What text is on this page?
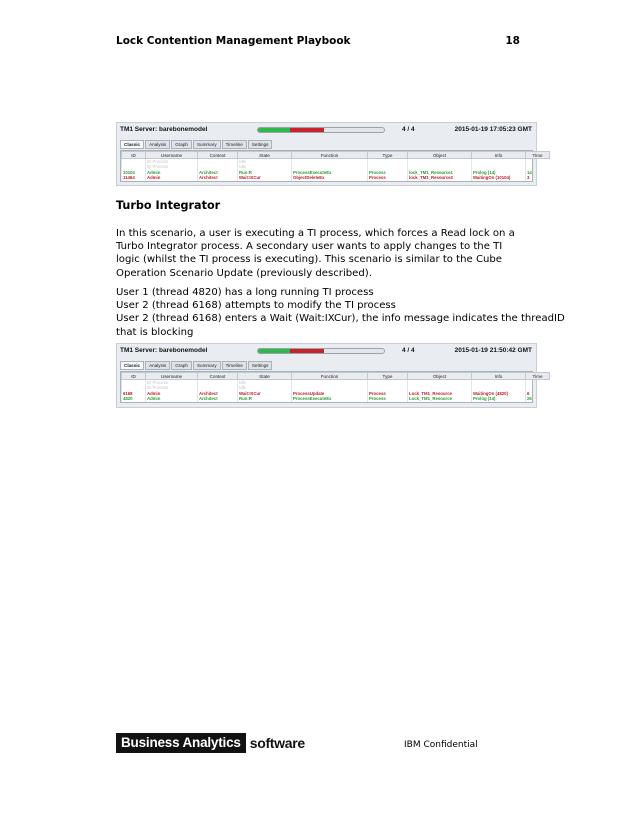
Lock Contention Management Playbook	18
TM1 Server: barebonemodel	4 / 4	2015-01-19 17:05:23 GMT
Classic	Analysis	Graph	Summary	Timeline	Settings
ID	Username	Context	State	Function	Type	Object	Info	Time
	ID Process		Idle					
	ID Process		Idle					
10104	Admin	Architect	Run:R	ProcessExecuteEx	Process	lock_TM1_Resource1	Prolog (14)	14
11464	Admin	Architect	Wait:IXCur	ObjectDeleteEx	Process	lock_TM1_Resource2	WaitingOn (10104)	3
Turbo Integrator
In this scenario, a user is executing a TI process, which forces a Read lock on a Turbo Integrator process. A secondary user wants to apply changes to the TI logic (whilst the TI process is executing). This scenario is similar to the Cube Operation Scenario Update (previously described).
User 1 (thread 4820) has a long running TI process
User 2 (thread 6168) attempts to modify the TI process
User 2 (thread 6168) enters a Wait (Wait:IXCur), the info message indicates the threadID
that is blocking
TM1 Server: barebonemodel	4 / 4	2015-01-19 21:50:42 GMT
Classic	Analysis	Graph	Summary	Timeline	Settings
ID	Username	Context	State	Function	Type	Object	Info	Time
	ID Process		Idle					
	ID Process		Idle					
6168	Admin	Architect	Wait:IXCur	ProcessUpdate	Process	Lock_TM1_Resource	WaitingOn (4820)	6
4820	Admin	Architect	Run:R	ProcessExecuteEx	Process	Lock_TM1_Resource	Prolog (14)	26
Business Analytics software	IBM Confidential
